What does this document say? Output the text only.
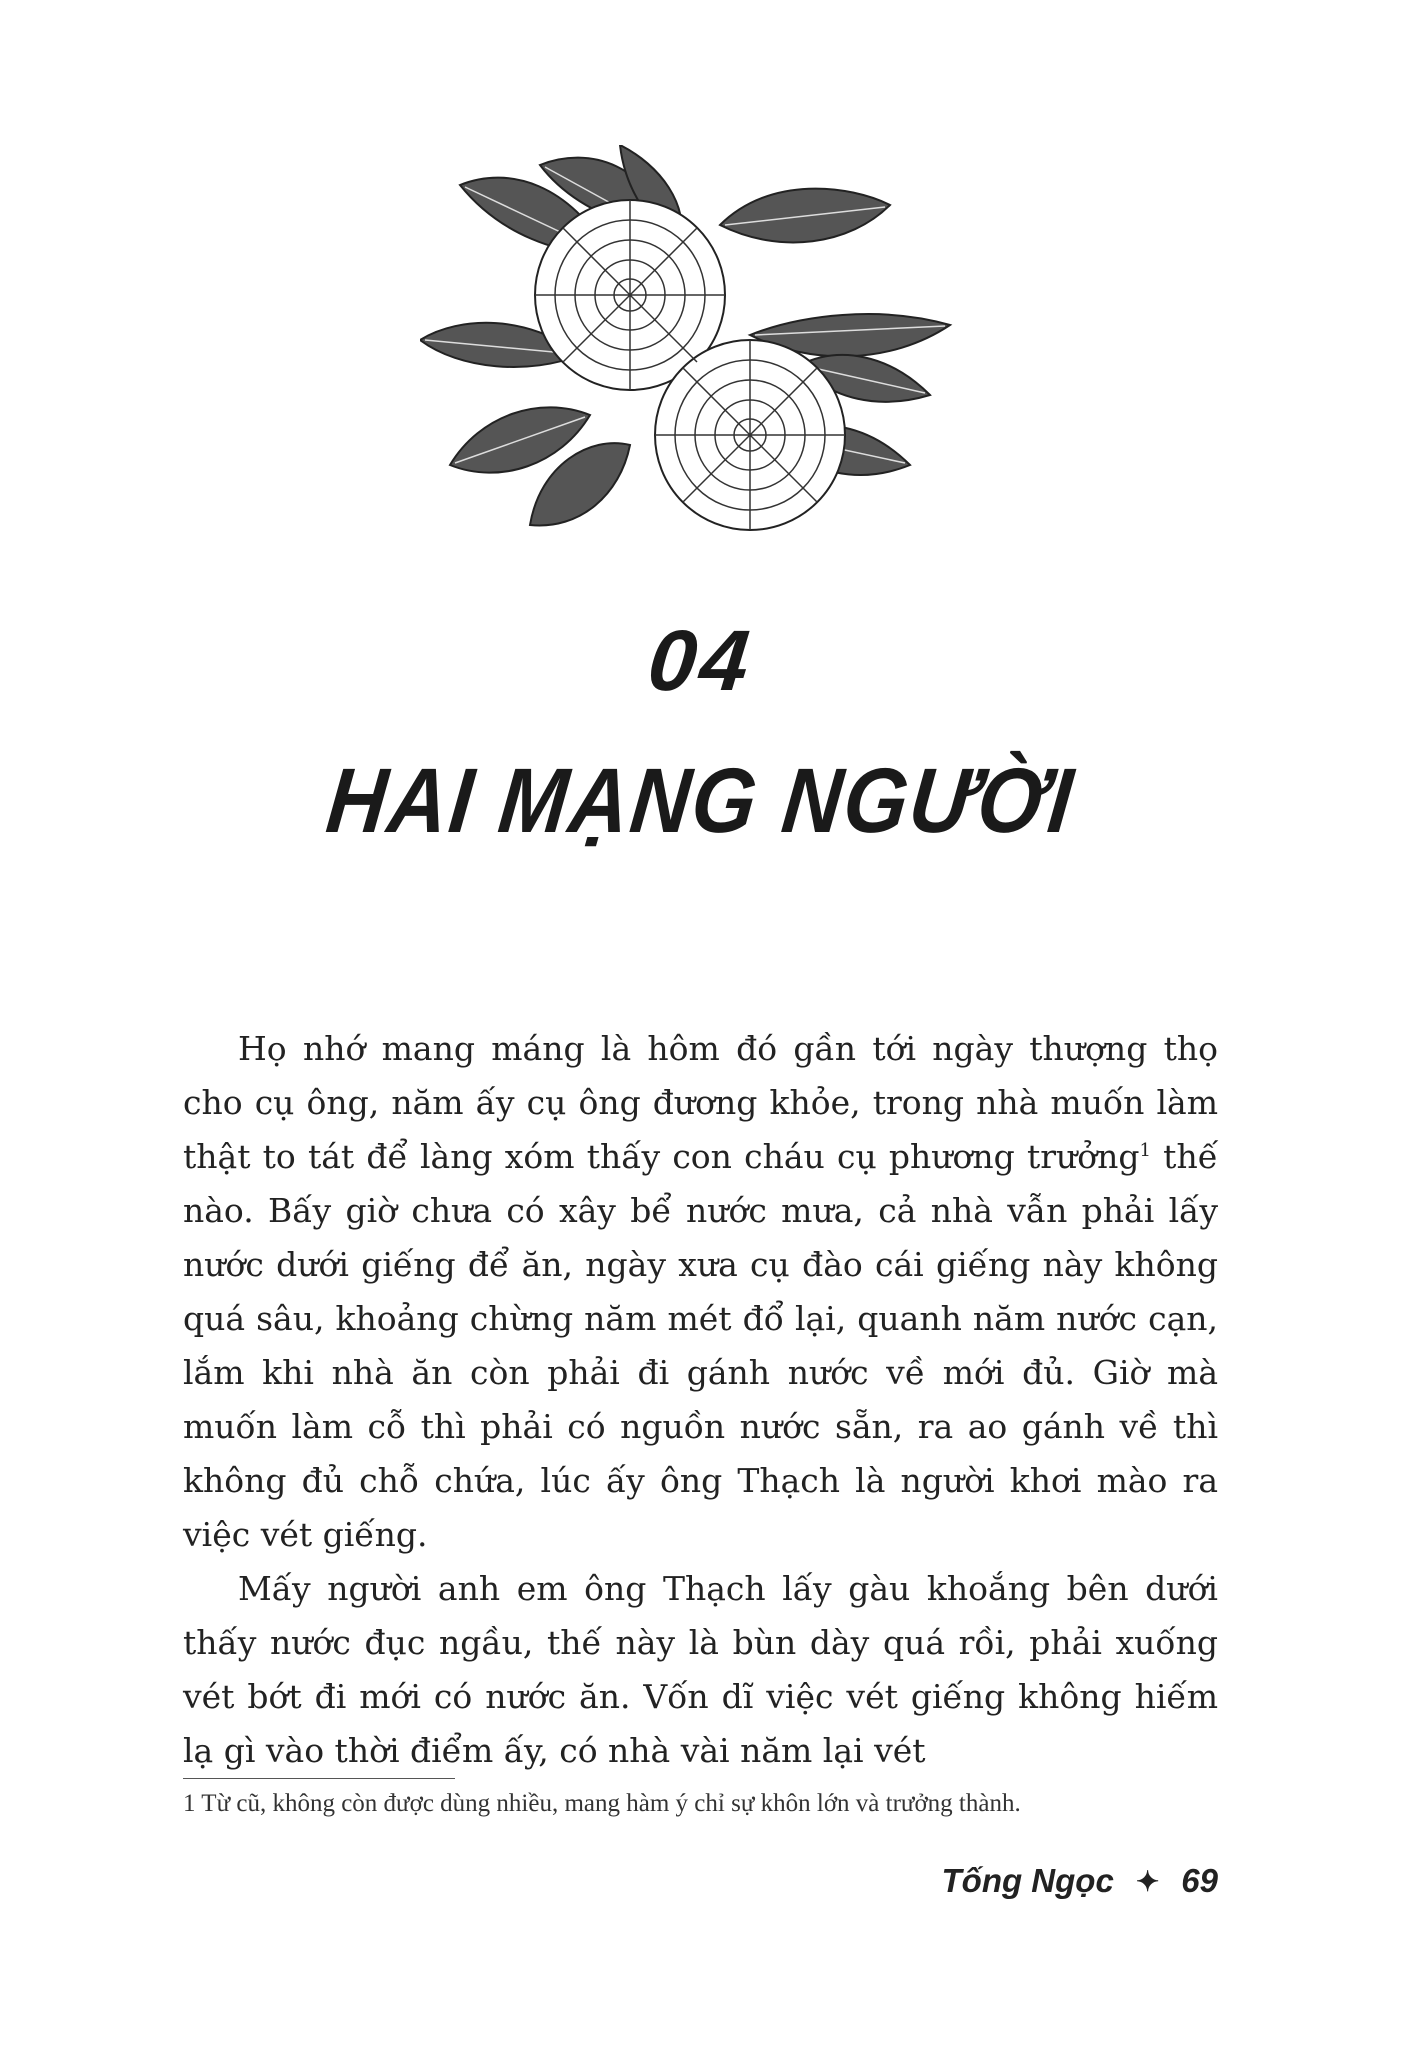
04
HAI MẠNG NGƯỜI

Họ nhớ mang máng là hôm đó gần tới ngày thượng thọ cho cụ ông, năm ấy cụ ông đương khỏe, trong nhà muốn làm thật to tát để làng xóm thấy con cháu cụ phương trưởng$^1$ thế nào. Bấy giờ chưa có xây bể nước mưa, cả nhà vẫn phải lấy nước dưới giếng để ăn, ngày xưa cụ đào cái giếng này không quá sâu, khoảng chừng năm mét đổ lại, quanh năm nước cạn, lắm khi nhà ăn còn phải đi gánh nước về mới đủ. Giờ mà muốn làm cỗ thì phải có nguồn nước sẵn, ra ao gánh về thì không đủ chỗ chứa, lúc ấy ông Thạch là người khơi mào ra việc vét giếng.

Mấy người anh em ông Thạch lấy gàu khoắng bên dưới thấy nước đục ngầu, thế này là bùn dày quá rồi, phải xuống vét bớt đi mới có nước ăn. Vốn dĩ việc vét giếng không hiếm lạ gì vào thời điểm ấy, có nhà vài năm lại vét

1 Từ cũ, không còn được dùng nhiều, mang hàm ý chỉ sự khôn lớn và trưởng thành.
Tống Ngọc ✦ 69
